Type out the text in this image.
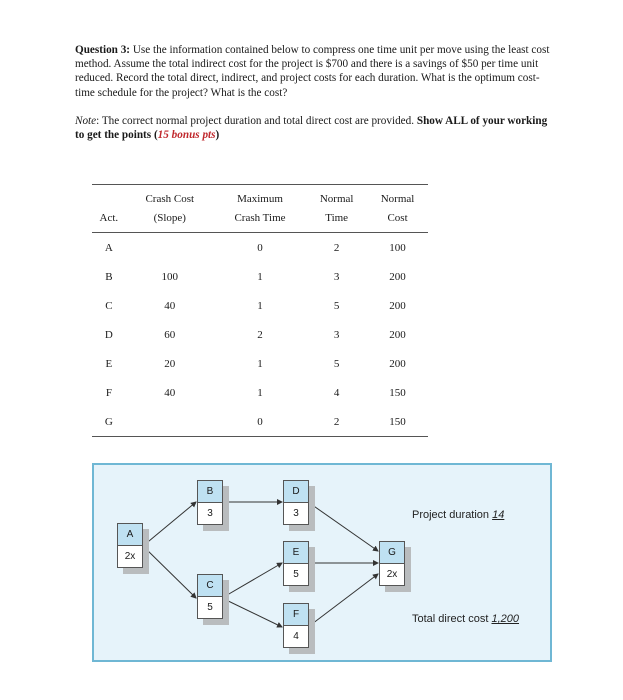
Question 3: Use the information contained below to compress one time unit per move using the least cost method. Assume the total indirect cost for the project is $700 and there is a savings of $50 per time unit reduced. Record the total direct, indirect, and project costs for each duration. What is the optimum cost-time schedule for the project? What is the cost?
Note: The correct normal project duration and total direct cost are provided. Show ALL of your working to get the points (15 bonus pts)
	Crash Cost	Maximum	Normal	Normal
Act.	(Slope)	Crash Time	Time	Cost
A		0	2	100
B	100	1	3	200
C	40	1	5	200
D	60	2	3	200
E	20	1	5	200
F	40	1	4	150
G		0	2	150
A
2x
B
3
C
5
D
3
E
5
F
4
G
2x
Project duration 14
Total direct cost 1,200
